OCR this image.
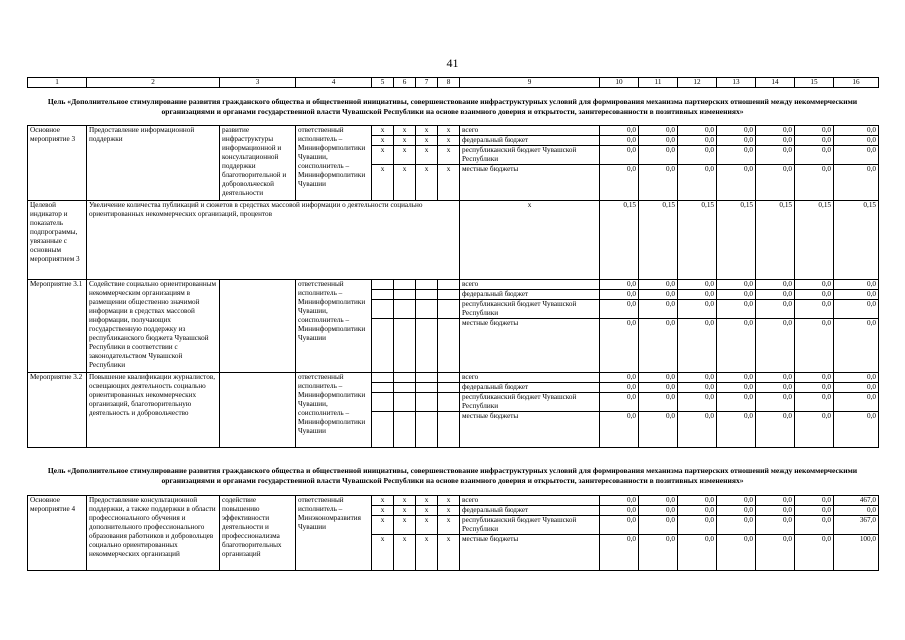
41
1	2	3	4	5	6	7	8	9	10	11	12	13	14	15	16
Цель «Дополнительное стимулирование развития гражданского общества и общественной инициативы, совершенствование инфраструктурных условий для формирования механизма партнерских отношений между некоммерческими организациями и органами государственной власти Чувашской Республики на основе взаимного доверия и открытости, заинтересованности в позитивных изменениях»
Основное мероприятие 3	Предоставление информационной поддержки	развитие инфраструктуры информационной и консультационной поддержки благотворительной и добровольческой деятельности	ответственный исполнитель – Мининформполитики Чувашии, соисполнитель – Мининформполитики Чувашии	x	x	x	x	всего	0,0	0,0	0,0	0,0	0,0	0,0	0,0
				x	x	x	x	федеральный бюджет	0,0	0,0	0,0	0,0	0,0	0,0	0,0
				x	x	x	x	республиканский бюджет Чувашской Республики	0,0	0,0	0,0	0,0	0,0	0,0	0,0
				x	x	x	x	местные бюджеты	0,0	0,0	0,0	0,0	0,0	0,0	0,0
Целевой индикатор и показатель подпрограммы, увязанные с основным мероприятием 3	Увеличение количества публикаций и сюжетов в средствах массовой информации о деятельности социально ориентированных некоммерческих организаций, процентов							x	0,15	0,15	0,15	0,15	0,15	0,15	0,15
Мероприятие 3.1	Содействие социально ориентированным некоммерческим организациям в размещении общественно значимой информации в средствах массовой информации, получающих государственную поддержку из республиканского бюджета Чувашской Республики в соответствии с законодательством Чувашской Республики		ответственный исполнитель – Мининформполитики Чувашии, соисполнитель – Мининформполитики Чувашии					всего	0,0	0,0	0,0	0,0	0,0	0,0	0,0
								федеральный бюджет	0,0	0,0	0,0	0,0	0,0	0,0	0,0
								республиканский бюджет Чувашской Республики	0,0	0,0	0,0	0,0	0,0	0,0	0,0
								местные бюджеты	0,0	0,0	0,0	0,0	0,0	0,0	0,0
Мероприятие 3.2	Повышение квалификации журналистов, освещающих деятельность социально ориентированных некоммерческих организаций, благотворительную деятельность и добровольчество		ответственный исполнитель – Мининформполитики Чувашии, соисполнитель – Мининформполитики Чувашии					всего	0,0	0,0	0,0	0,0	0,0	0,0	0,0
								федеральный бюджет	0,0	0,0	0,0	0,0	0,0	0,0	0,0
								республиканский бюджет Чувашской Республики	0,0	0,0	0,0	0,0	0,0	0,0	0,0
								местные бюджеты	0,0	0,0	0,0	0,0	0,0	0,0	0,0
Цель «Дополнительное стимулирование развития гражданского общества и общественной инициативы, совершенствование инфраструктурных условий для формирования механизма партнерских отношений между некоммерческими организациями и органами государственной власти Чувашской Республики на основе взаимного доверия и открытости, заинтересованности в позитивных изменениях»
Основное мероприятие 4	Предоставление консультационной поддержки, а также поддержки в области профессионального обучения и дополнительного профессионального образования работников и добровольцев социально ориентированных некоммерческих организаций	содействие повышению эффективности деятельности и профессионализма благотворительных организаций	ответственный исполнитель – Минэкономразвития Чувашии	x	x	x	x	всего	0,0	0,0	0,0	0,0	0,0	0,0	467,0
				x	x	x	x	федеральный бюджет	0,0	0,0	0,0	0,0	0,0	0,0	0,0
				x	x	x	x	республиканский бюджет Чувашской Республики	0,0	0,0	0,0	0,0	0,0	0,0	367,0
				x	x	x	x	местные бюджеты	0,0	0,0	0,0	0,0	0,0	0,0	100,0
